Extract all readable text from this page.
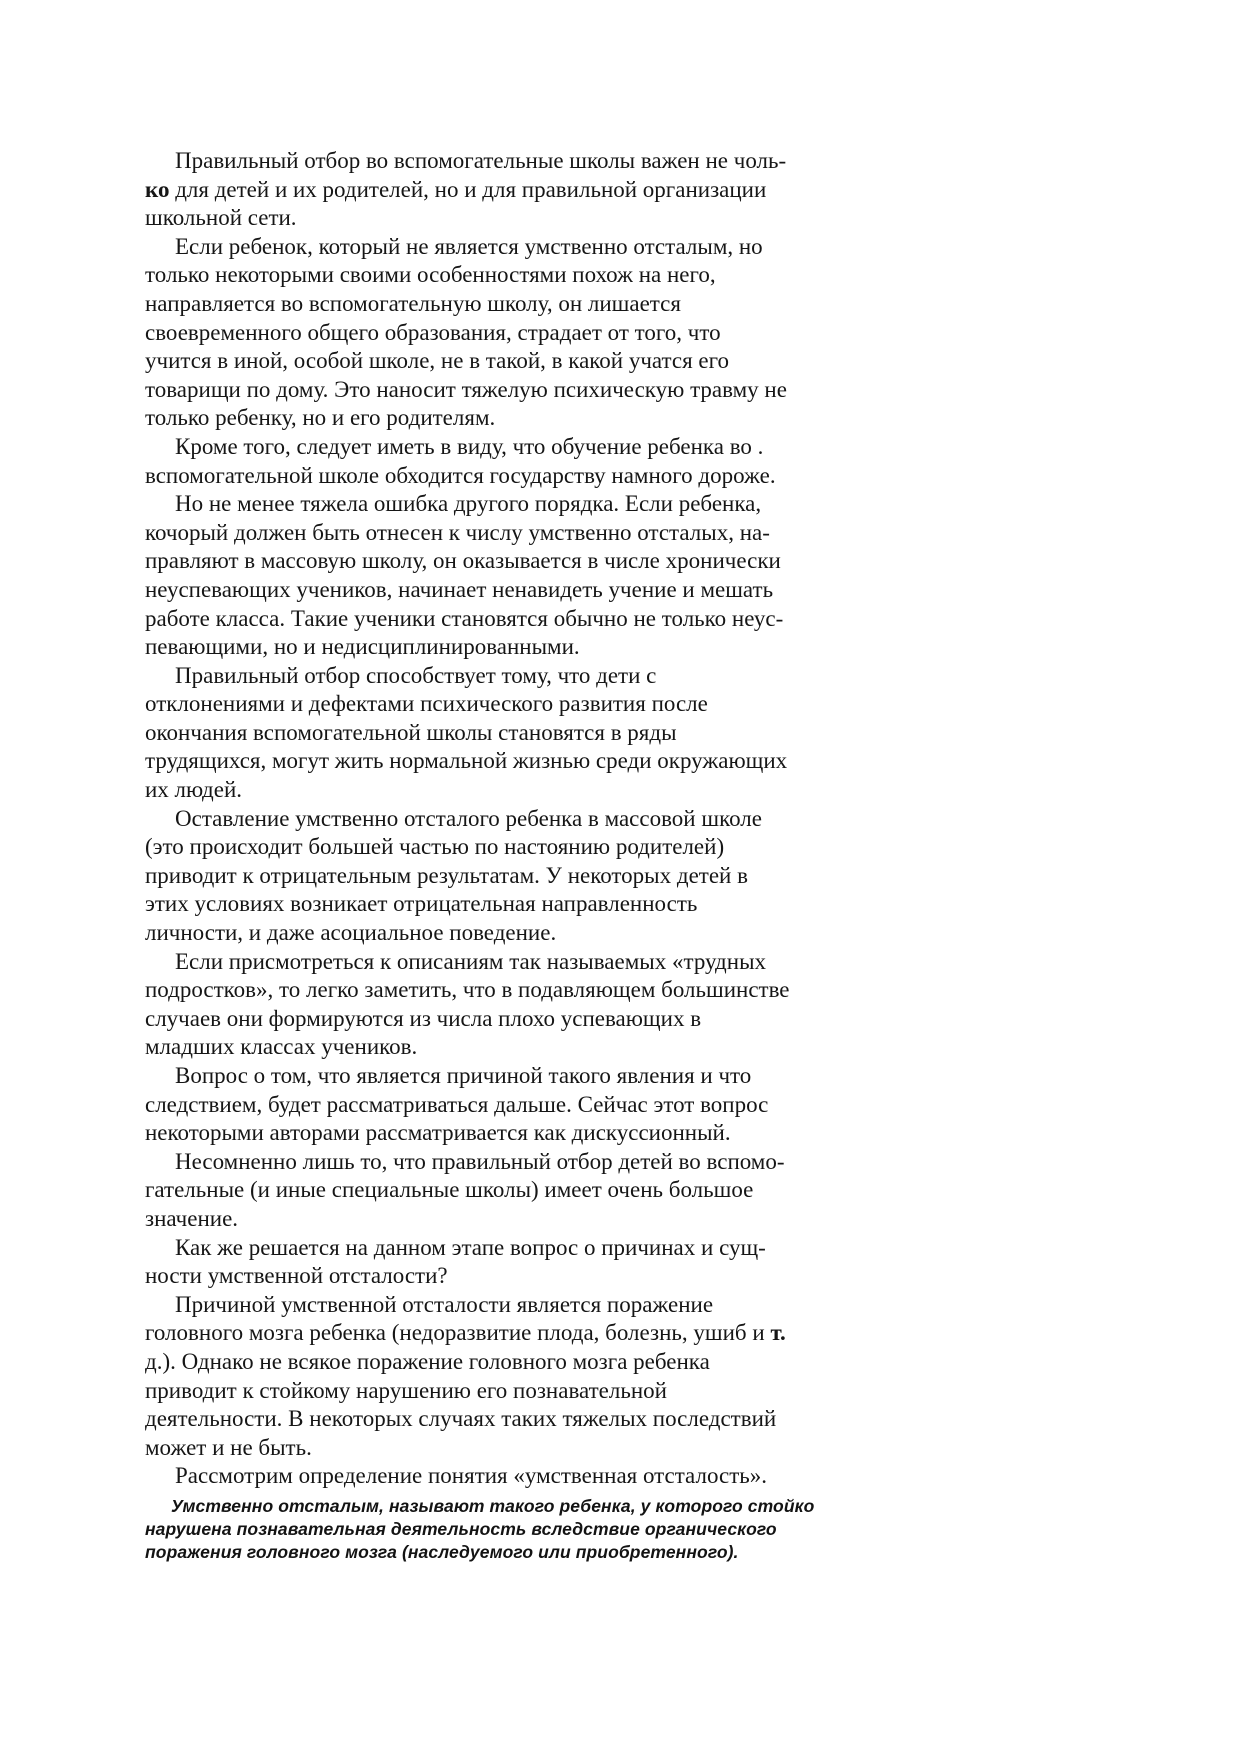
Правильный отбор во вспомогательные школы важен не чоль-
ко для детей и их родителей, но и для правильной организации
школьной сети.

Если ребенок, который не является умственно отсталым, но
только некоторыми своими особенностями похож на него,
направляется во вспомогательную школу, он лишается
своевременного общего образования, страдает от того, что
учится в иной, особой школе, не в такой, в какой учатся его
товарищи по дому. Это наносит тяжелую психическую травму не
только ребенку, но и его родителям.

Кроме того, следует иметь в виду, что обучение ребенка во .
вспомогательной школе обходится государству намного дороже.

Но не менее тяжела ошибка другого порядка. Если ребенка,
кочорый должен быть отнесен к числу умственно отсталых, на-
правляют в массовую школу, он оказывается в числе хронически
неуспевающих учеников, начинает ненавидеть учение и мешать
работе класса. Такие ученики становятся обычно не только неус-
певающими, но и недисциплинированными.

Правильный отбор способствует тому, что дети с
отклонениями и дефектами психического развития после
окончания вспомогательной школы становятся в ряды
трудящихся, могут жить нормальной жизнью среди окружающих
их людей.

Оставление умственно отсталого ребенка в массовой школе
(это происходит большей частью по настоянию родителей)
приводит к отрицательным результатам. У некоторых детей в
этих условиях возникает отрицательная направленность
личности, и даже асоциальное поведение.

Если присмотреться к описаниям так называемых «трудных
подростков», то легко заметить, что в подавляющем большинстве
случаев они формируются из числа плохо успевающих в
младших классах учеников.

Вопрос о том, что является причиной такого явления и что
следствием, будет рассматриваться дальше. Сейчас этот вопрос
некоторыми авторами рассматривается как дискуссионный.

Несомненно лишь то, что правильный отбор детей во вспомо-
гательные (и иные специальные школы) имеет очень большое
значение.

Как же решается на данном этапе вопрос о причинах и сущ-
ности умственной отсталости?

Причиной умственной отсталости является поражение
головного мозга ребенка (недоразвитие плода, болезнь, ушиб и т.
д.). Однако не всякое поражение головного мозга ребенка
приводит к стойкому нарушению его познавательной
деятельности. В некоторых случаях таких тяжелых последствий
может и не быть.

Рассмотрим определение понятия «умственная отсталость».

Умственно отсталым, называют такого ребенка, у которого стойко
нарушена познавательная деятельность вследствие органического
поражения головного мозга (наследуемого или приобретенного).
